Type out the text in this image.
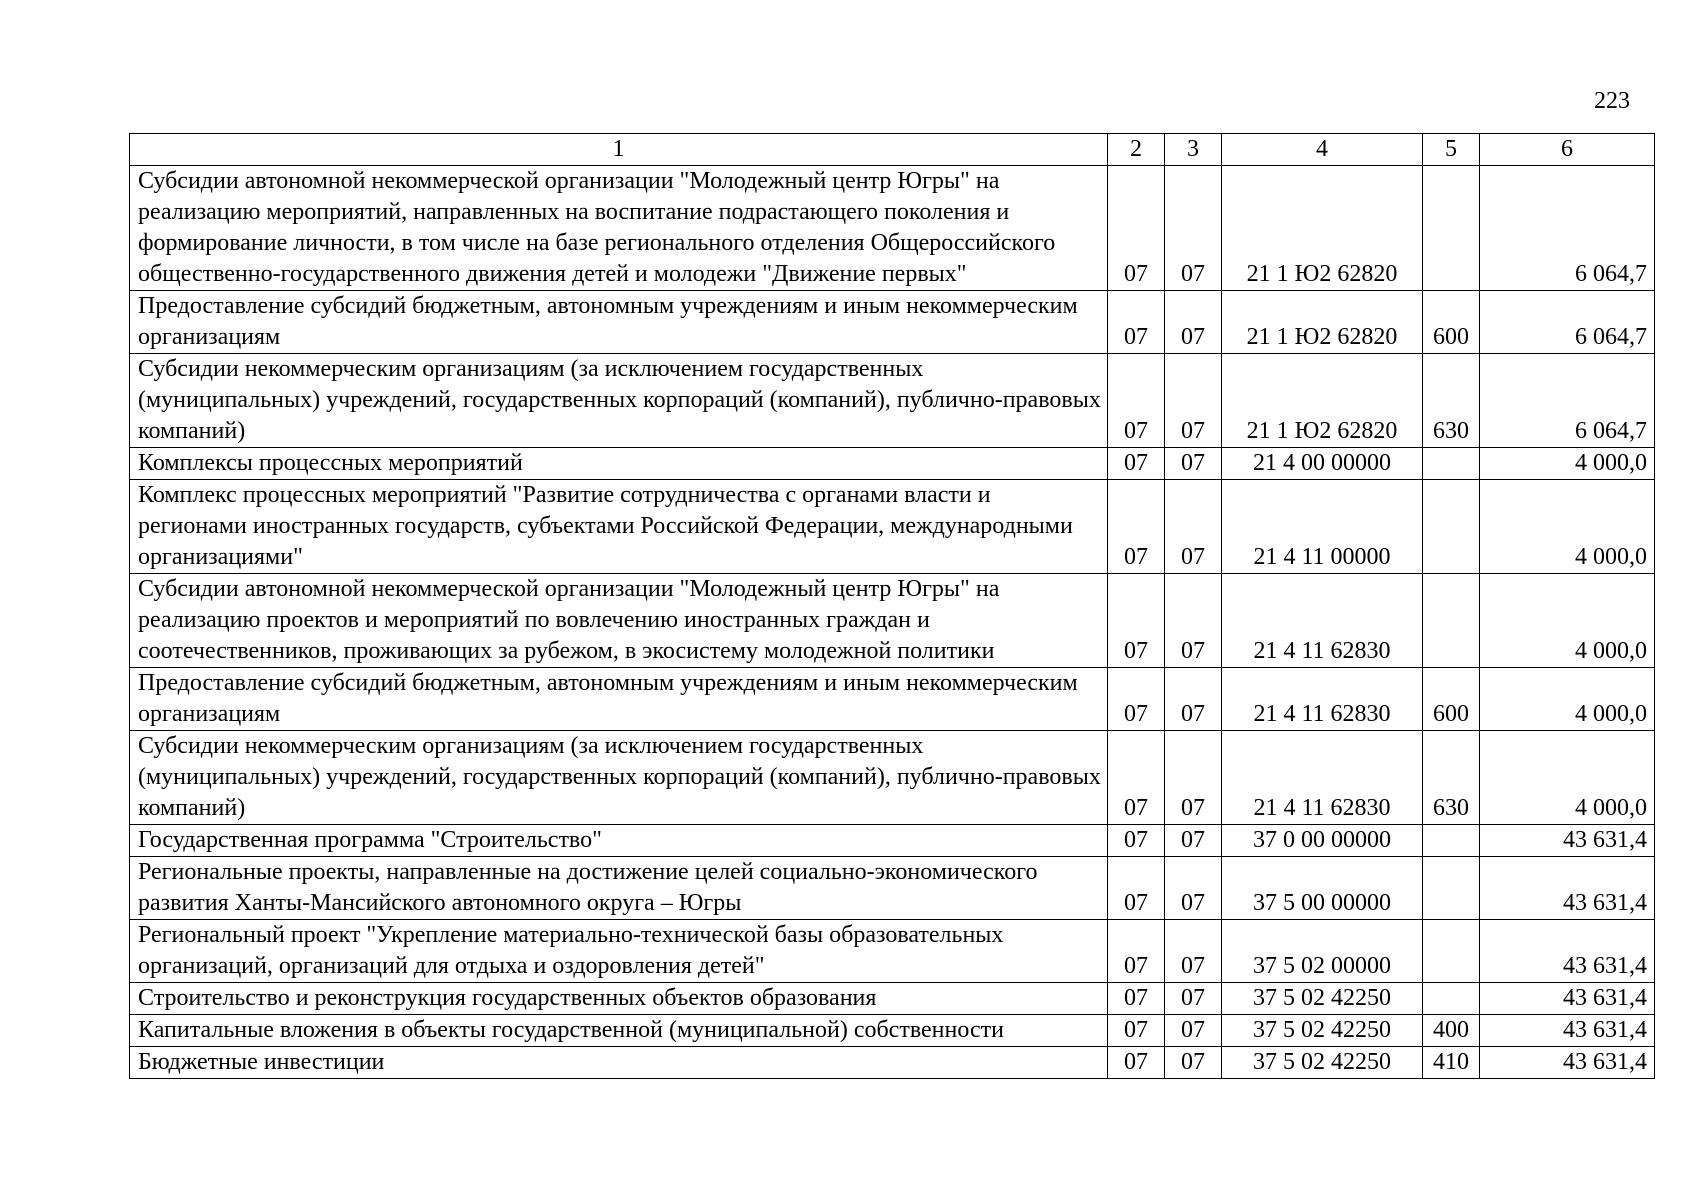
223
1	2	3	4	5	6
Субсидии автономной некоммерческой организации "Молодежный центр Югры" на реализацию мероприятий, направленных на воспитание подрастающего поколения и формирование личности, в том числе на базе регионального отделения Общероссийского общественно-государственного движения детей и молодежи "Движение первых"	07	07	21 1 Ю2 62820		6 064,7
Предоставление субсидий бюджетным, автономным учреждениям и иным некоммерческим организациям	07	07	21 1 Ю2 62820	600	6 064,7
Субсидии некоммерческим организациям (за исключением государственных (муниципальных) учреждений, государственных корпораций (компаний), публично-правовых компаний)	07	07	21 1 Ю2 62820	630	6 064,7
Комплексы процессных мероприятий	07	07	21 4 00 00000		4 000,0
Комплекс процессных мероприятий "Развитие сотрудничества с органами власти и регионами иностранных государств, субъектами Российской Федерации, международными организациями"	07	07	21 4 11 00000		4 000,0
Субсидии автономной некоммерческой организации "Молодежный центр Югры" на реализацию проектов и мероприятий по вовлечению иностранных граждан и соотечественников, проживающих за рубежом, в экосистему молодежной политики	07	07	21 4 11 62830		4 000,0
Предоставление субсидий бюджетным, автономным учреждениям и иным некоммерческим организациям	07	07	21 4 11 62830	600	4 000,0
Субсидии некоммерческим организациям (за исключением государственных (муниципальных) учреждений, государственных корпораций (компаний), публично-правовых компаний)	07	07	21 4 11 62830	630	4 000,0
Государственная программа "Строительство"	07	07	37 0 00 00000		43 631,4
Региональные проекты, направленные на достижение целей социально-экономического развития Ханты-Мансийского автономного округа – Югры	07	07	37 5 00 00000		43 631,4
Региональный проект "Укрепление материально-технической базы образовательных организаций, организаций для отдыха и оздоровления детей"	07	07	37 5 02 00000		43 631,4
Строительство и реконструкция государственных объектов образования	07	07	37 5 02 42250		43 631,4
Капитальные вложения в объекты государственной (муниципальной) собственности	07	07	37 5 02 42250	400	43 631,4
Бюджетные инвестиции	07	07	37 5 02 42250	410	43 631,4
